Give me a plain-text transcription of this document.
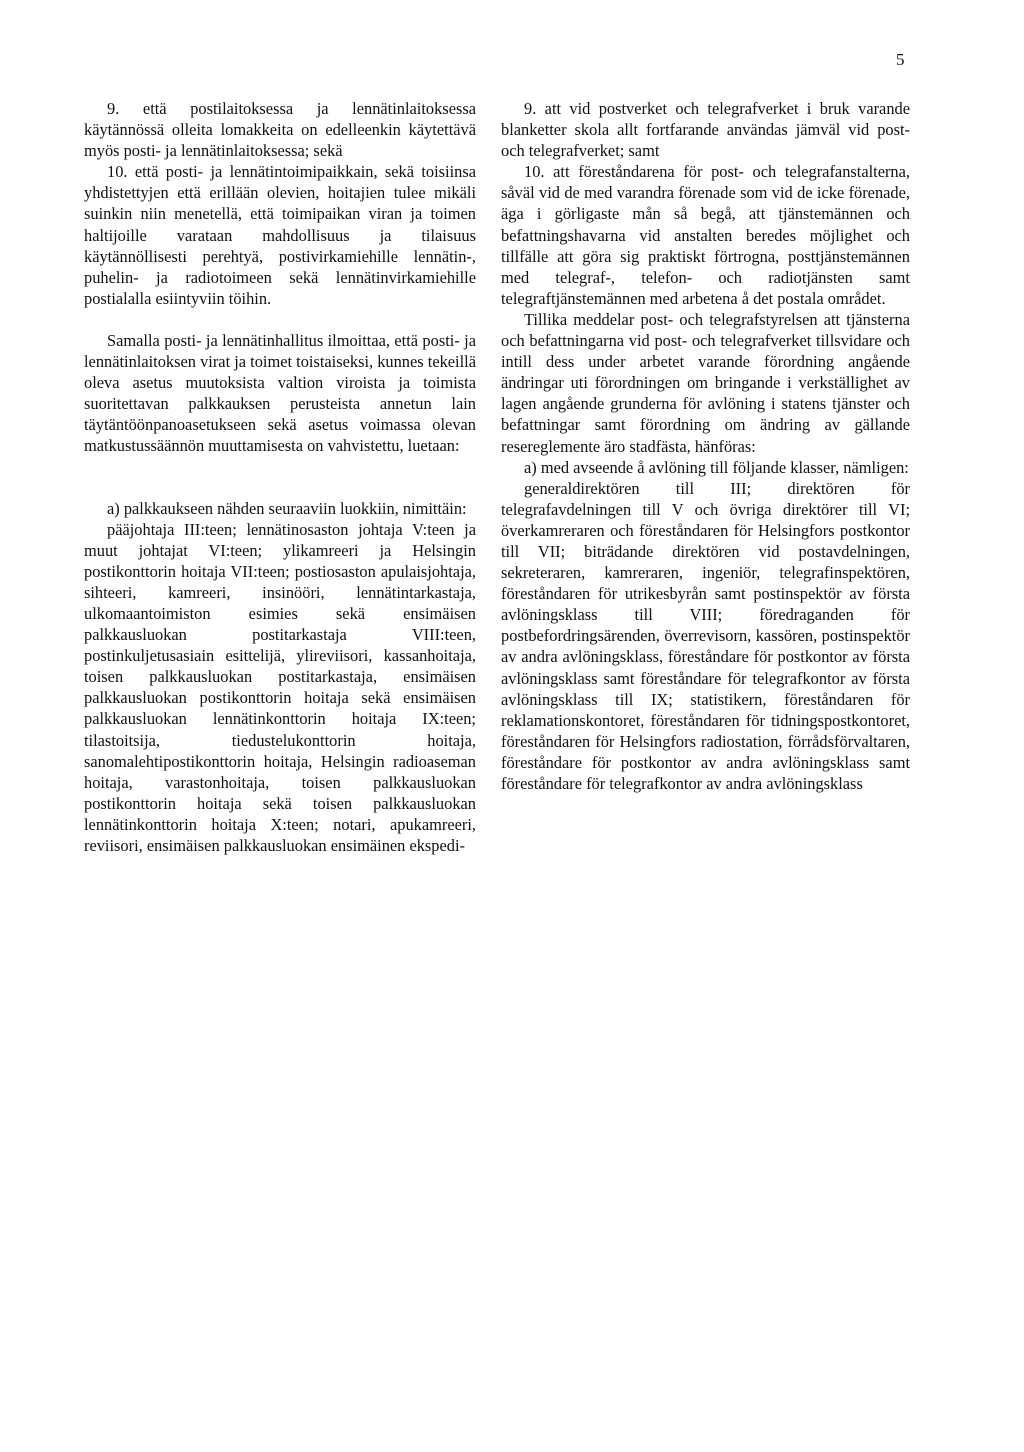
5

9. että postilaitoksessa ja lennätinlaitoksessa käytännössä olleita lomakkeita on edelleenkin käytettävä myös posti- ja lennätinlaitoksessa; sekä

10. että posti- ja lennätintoimipaikkain, sekä toisiinsa yhdistettyjen että erillään olevien, hoitajien tulee mikäli suinkin niin menetellä, että toimipaikan viran ja toimen haltijoille varataan mahdollisuus ja tilaisuus käytännöllisesti perehtyä, postivirkamiehille lennätin-, puhelin- ja radiotoimeen sekä lennätinvirkamiehille postialalla esiintyviin töihin.

Samalla posti- ja lennätinhallitus ilmoittaa, että posti- ja lennätinlaitoksen virat ja toimet toistaiseksi, kunnes tekeillä oleva asetus muutoksista valtion viroista ja toimista suoritettavan palkkauksen perusteista annetun lain täytäntöönpanoasetukseen sekä asetus voimassa olevan matkustussäännön muuttamisesta on vahvistettu, luetaan:

a) palkkaukseen nähden seuraaviin luokkiin, nimittäin:

pääjohtaja III:teen; lennätinosaston johtaja V:teen ja muut johtajat VI:teen; ylikamreeri ja Helsingin postikonttorin hoitaja VII:teen; postiosaston apulaisjohtaja, sihteeri, kamreeri, insinööri, lennätintarkastaja, ulkomaantoimiston esimies sekä ensimäisen palkkausluokan postitarkastaja VIII:teen, postinkuljetusasiain esittelijä, ylireviisori, kassanhoitaja, toisen palkkausluokan postitarkastaja, ensimäisen palkkausluokan postikonttorin hoitaja sekä ensimäisen palkkausluokan lennätinkonttorin hoitaja IX:teen; tilastoitsija, tiedustelukonttorin hoitaja, sanomalehtipostikonttorin hoitaja, Helsingin radioaseman hoitaja, varastonhoitaja, toisen palkkausluokan postikonttorin hoitaja sekä toisen palkkausluokan lennätinkonttorin hoitaja X:teen; notari, apukamreeri, reviisori, ensimäisen palkkausluokan ensimäinen ekspedi-

9. att vid postverket och telegrafverket i bruk varande blanketter skola allt fortfarande användas jämväl vid post- och telegrafverket; samt

10. att föreståndarena för post- och telegrafanstalterna, såväl vid de med varandra förenade som vid de icke förenade, äga i görligaste mån så begå, att tjänstemännen och befattningshavarna vid anstalten beredes möjlighet och tillfälle att göra sig praktiskt förtrogna, posttjänstemännen med telegraf-, telefon- och radiotjänsten samt telegraftjänstemännen med arbetena å det postala området.

Tillika meddelar post- och telegrafstyrelsen att tjänsterna och befattningarna vid post- och telegrafverket tillsvidare och intill dess under arbetet varande förordning angående ändringar uti förordningen om bringande i verkställighet av lagen angående grunderna för avlöning i statens tjänster och befattningar samt förordning om ändring av gällande resereglemente äro stadfästa, hänföras:

a) med avseende å avlöning till följande klasser, nämligen:

generaldirektören till III; direktören för telegrafavdelningen till V och övriga direktörer till VI; överkamreraren och föreståndaren för Helsingfors postkontor till VII; biträdande direktören vid postavdelningen, sekreteraren, kamreraren, ingeniör, telegrafinspektören, föreståndaren för utrikesbyrån samt postinspektör av första avlöningsklass till VIII; föredraganden för postbefordringsärenden, överrevisorn, kassören, postinspektör av andra avlöningsklass, föreståndare för postkontor av första avlöningsklass samt föreståndare för telegrafkontor av första avlöningsklass till IX; statistikern, föreståndaren för reklamationskontoret, föreståndaren för tidningspostkontoret, föreståndaren för Helsingfors radiostation, förrådsförvaltaren, föreståndare för postkontor av andra avlöningsklass samt föreståndare för telegrafkontor av andra avlöningsklass
